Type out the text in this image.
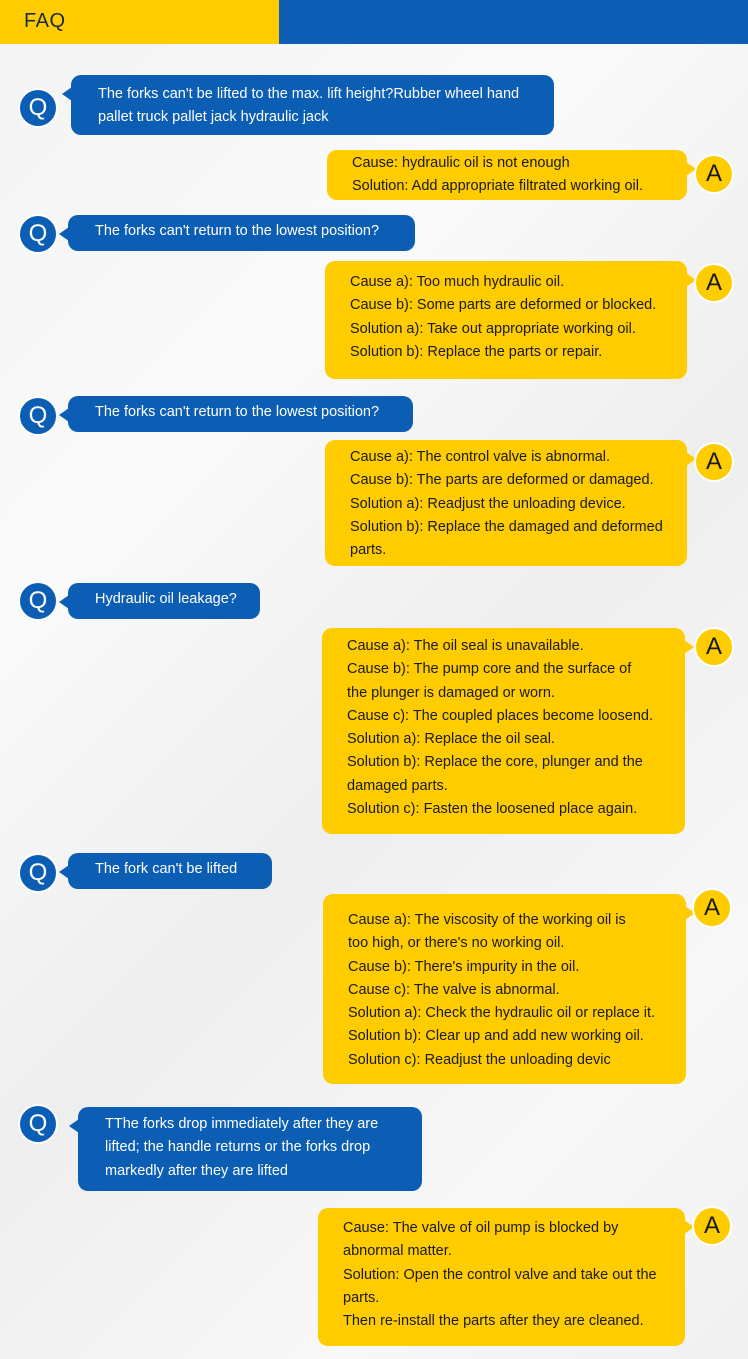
FAQ
Q	The forks can't be lifted to the max. lift height?Rubber wheel hand
pallet truck pallet jack hydraulic jack
Cause: hydraulic oil is not enough
Solution: Add appropriate filtrated working oil.	A
Q	The forks can't return to the lowest position?
Cause a): Too much hydraulic oil.
Cause b): Some parts are deformed or blocked.
Solution a): Take out appropriate working oil.
Solution b): Replace the parts or repair.
A
Q	The forks can't return to the lowest position?
Cause a): The control valve is abnormal.
Cause b): The parts are deformed or damaged.
Solution a): Readjust the unloading device.
Solution b): Replace the damaged and deformed
parts.
A
Q	Hydraulic oil leakage?
Cause a): The oil seal is unavailable.
Cause b): The pump core and the surface of
the plunger is damaged or worn.
Cause c): The coupled places become loosend.
Solution a): Replace the oil seal.
Solution b): Replace the core, plunger and the
damaged parts.
Solution c): Fasten the loosened place again.
A
Q	The fork can't be lifted
Cause a): The viscosity of the working oil is
too high, or there's no working oil.
Cause b): There's impurity in the oil.
Cause c): The valve is abnormal.
Solution a): Check the hydraulic oil or replace it.
Solution b): Clear up and add new working oil.
Solution c): Readjust the unloading devic
A
Q	TThe forks drop immediately after they are
lifted; the handle returns or the forks drop
markedly after they are lifted
Cause: The valve of oil pump is blocked by
abnormal matter.
Solution: Open the control valve and take out the
parts.
Then re-install the parts after they are cleaned.
A
